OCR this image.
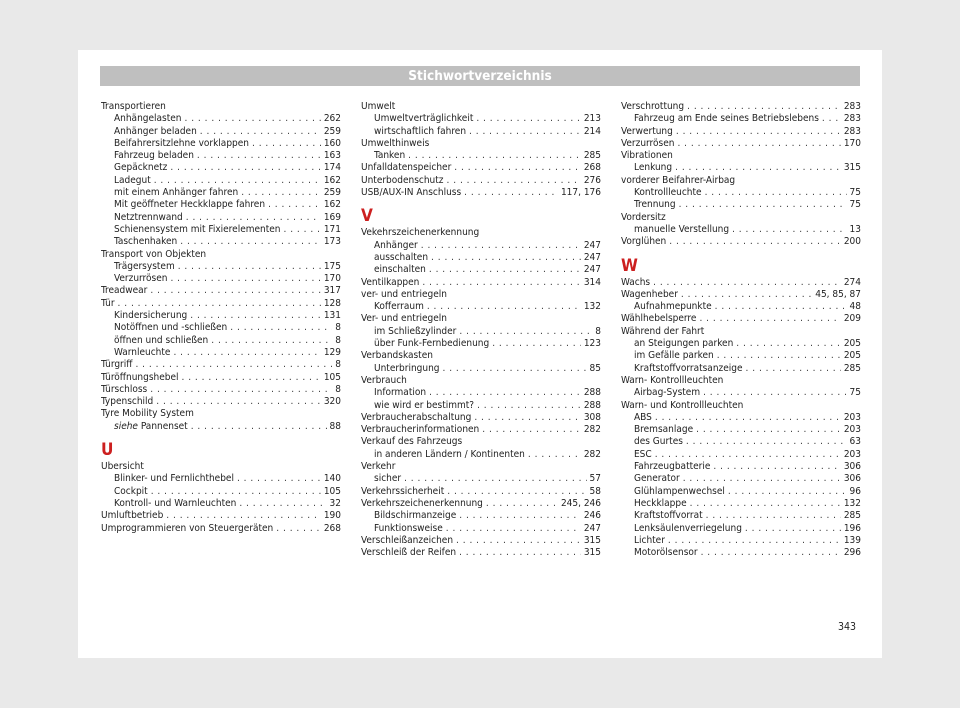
Stichwortverzeichnis
Transportieren
Anhängelasten . . .	262
Anhänger beladen . . .	259
Beifahrersitzlehne vorklappen . . .	160
Fahrzeug beladen . . .	163
Gepäcknetz . . .	174
Ladegut . . .	162
mit einem Anhänger fahren . . .	259
Mit geöffneter Heckklappe fahren . . .	162
Netztrennwand . . .	169
Schienensystem mit Fixierelementen . . .	171
Taschenhaken . . .	173
Transport von Objekten
Trägersystem . . .	175
Verzurrösen . . .	170
Treadwear . . .	317
Tür . . .	128
Kindersicherung . . .	131
Notöffnen und -schließen . . .	8
öffnen und schließen . . .	8
Warnleuchte . . .	129
Türgriff . . .	8
Türöffnungshebel . . .	105
Türschloss . . .	8
Typenschild . . .	320
Tyre Mobility System
siehe Pannenset . . .	88
U
Übersicht
Blinker- und Fernlichthebel . . .	140
Cockpit . . .	105
Kontroll- und Warnleuchten . . .	32
Umluftbetrieb . . .	190
Umprogrammieren von Steuergeräten . . .	268
Umwelt
Umweltverträglichkeit . . .	213
wirtschaftlich fahren . . .	214
Umwelthinweis
Tanken . . .	285
Unfalldatenspeicher . . .	268
Unterbodenschutz . . .	276
USB/AUX-IN Anschluss . . .	117, 176
V
Vekehrszeichenerkennung
Anhänger . . .	247
ausschalten . . .	247
einschalten . . .	247
Ventilkappen . . .	314
ver- und entriegeln
Kofferraum . . .	132
Ver- und entriegeln
im Schließzylinder . . .	8
über Funk-Fernbedienung . . .	123
Verbandskasten
Unterbringung . . .	85
Verbrauch
Information . . .	288
wie wird er bestimmt? . . .	288
Verbraucherabschaltung . . .	308
Verbraucherinformationen . . .	282
Verkauf des Fahrzeugs
in anderen Ländern / Kontinenten . . .	282
Verkehr
sicher . . .	57
Verkehrssicherheit . . .	58
Verkehrszeichenerkennung . . .	245, 246
Bildschirmanzeige . . .	246
Funktionsweise . . .	247
Verschleißanzeichen . . .	315
Verschleiß der Reifen . . .	315
Verschrottung . . .	283
Fahrzeug am Ende seines Betriebslebens . . . 283
Verwertung . . .	283
Verzurrösen . . .	170
Vibrationen
Lenkung . . .	315
vorderer Beifahrer-Airbag
Kontrollleuchte . . .	75
Trennung . . .	75
Vordersitz
manuelle Verstellung . . .	13
Vorglühen . . .	200
W
Wachs . . .	274
Wagenheber . . .	45, 85, 87
Aufnahmepunkte . . .	48
Wählhebelsperre . . .	209
Während der Fahrt
an Steigungen parken . . .	205
im Gefälle parken . . .	205
Kraftstoffvorratsanzeige . . .	285
Warn- Kontrollleuchten
Airbag-System . . .	75
Warn- und Kontrollleuchten
ABS . . .	203
Bremsanlage . . .	203
des Gurtes . . .	63
ESC . . .	203
Fahrzeugbatterie . . .	306
Generator . . .	306
Glühlampenwechsel . . .	96
Heckklappe . . .	132
Kraftstoffvorrat . . .	285
Lenksäulenverriegelung . . .	196
Lichter . . .	139
Motorölsensor . . .	296
343
